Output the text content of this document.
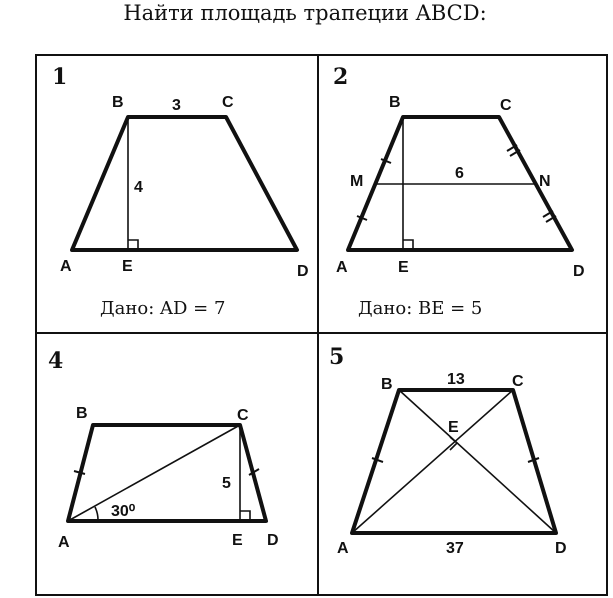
Найти площадь трапеции ABCD:
1
B	C
A	E	D
3
4
Дано: AD = 7
2
B	C
M	N
A	E	D
6
Дано: BE = 5
4
B	C
A	E D
30⁰
5
5
B	C
E
A	D
13
37
